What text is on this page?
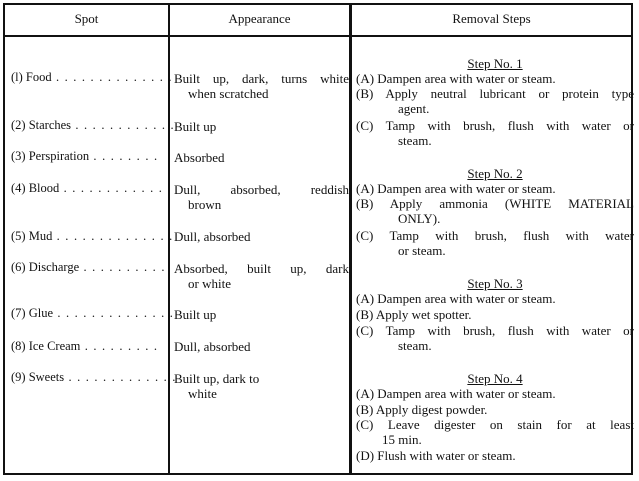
Spot	Appearance	Removal Steps
(l) Food . . . . . . . . . . . . . .
(2) Starches . . . . . . . . . . . .
(3) Perspiration . . . . . . . .
(4) Blood . . . . . . . . . . . . .
(5) Mud . . . . . . . . . . . . . .
(6) Discharge . . . . . . . . . .
(7) Glue . . . . . . . . . . . . . .
(8) Ice Cream . . . . . . . . .
(9) Sweets . . . . . . . . . . . . .
Built up, dark, turns white
when scratched
Built up
Absorbed
Dull, absorbed, reddish
brown
Dull, absorbed
Absorbed, built up, dark
or white
Built up
Dull, absorbed
Built up, dark to
white
Step No. 1
(A) Dampen area with water or steam.
(B) Apply neutral lubricant or protein type
agent.
(C) Tamp with brush, flush with water or
steam.
Step No. 2
(A) Dampen area with water or steam.
(B) Apply ammonia (WHITE MATERIAL
ONLY).
(C) Tamp with brush, flush with water
or steam.
Step No. 3
(A) Dampen area with water or steam.
(B) Apply wet spotter.
(C) Tamp with brush, flush with water or
steam.
Step No. 4
(A) Dampen area with water or steam.
(B) Apply digest powder.
(C) Leave digester on stain for at least
15 min.
(D) Flush with water or steam.
